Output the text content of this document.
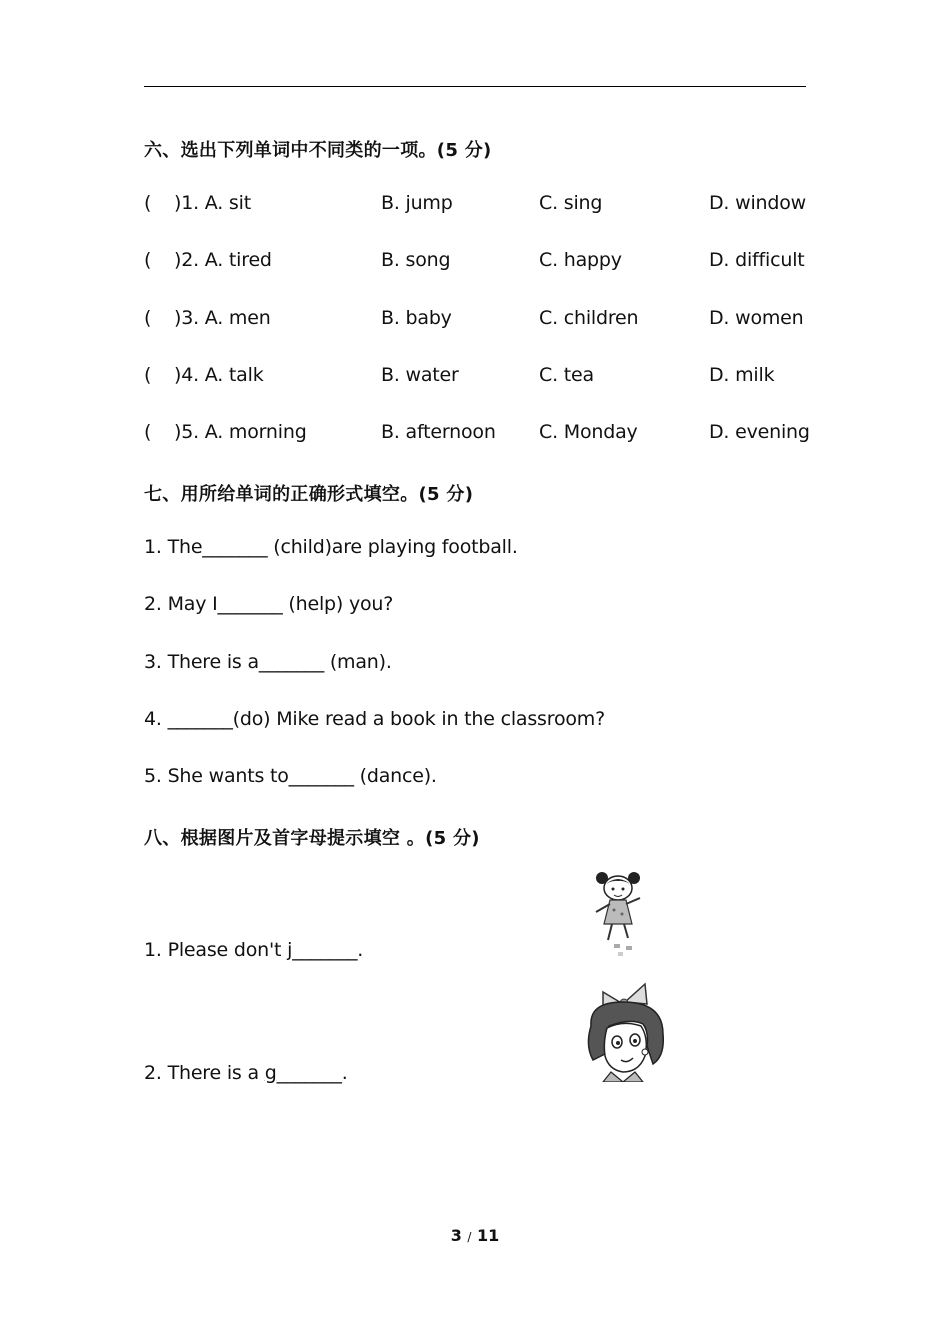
六、选出下列单词中不同类的一项。(5 分)
( )1. A. sit	B. jump	C. sing	D. window
( )2. A. tired	B. song	C. happy	D. difficult
( )3. A. men	B. baby	C. children	D. women
( )4. A. talk	B. water	C. tea	D. milk
( )5. A. morning	B. afternoon C. Monday	D. evening
七、用所给单词的正确形式填空。(5 分)
1. The_______ (child)are playing football.
2. May I_______ (help) you?
3. There is a_______ (man).
4. _______(do) Mike read a book in the classroom?
5. She wants to_______ (dance).
八、根据图片及首字母提示填空 。(5 分)
1. Please don't j_______.
2. There is a g_______.
3 / 11
